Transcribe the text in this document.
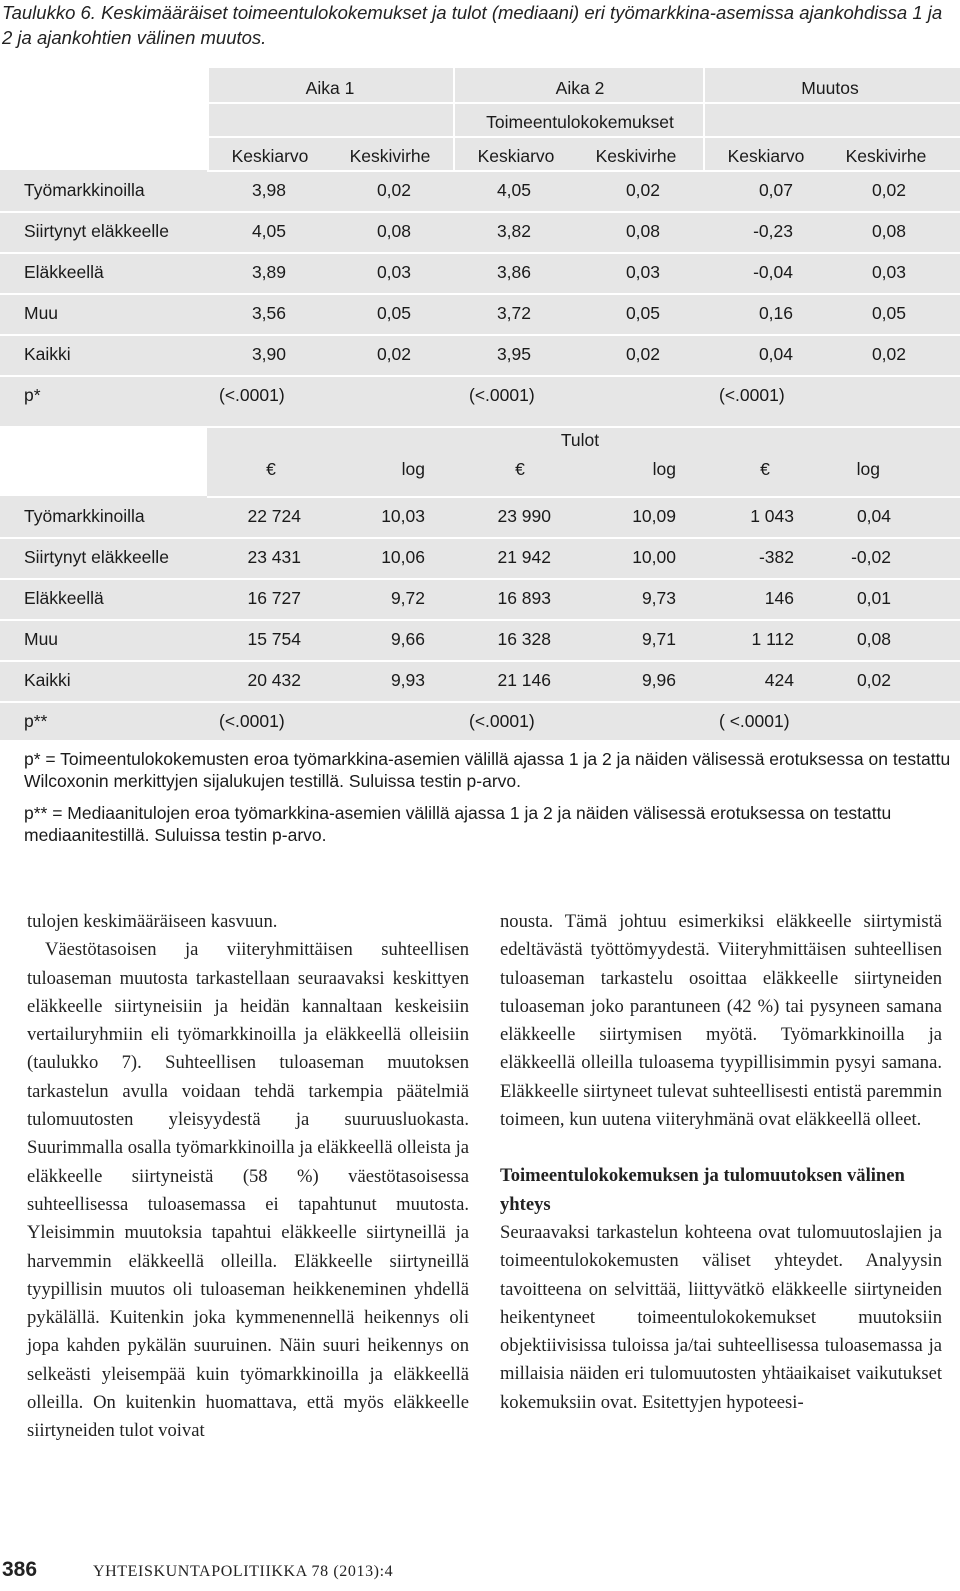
Taulukko 6. Keskimääräiset toimeentulokokemukset ja tulot (mediaani) eri työmarkkina-asemissa ajankohdissa 1 ja 2 ja ajankohtien välinen muutos.
Aika 1	Aika 2	Muutos
Toimeentulokokemukset
Tulot
Keskiarvo Keskivirhe	Keskiarvo Keskivirhe	Keskiarvo Keskivirhe
€	log	€	log	€	log
Työmarkkinoilla	3,98	0,02	4,05	0,02	0,07	0,02
Siirtynyt eläkkeelle	4,05	0,08	3,82	0,08	-0,23	0,08
Eläkkeellä	3,89	0,03	3,86	0,03	-0,04	0,03
Muu	3,56	0,05	3,72	0,05	0,16	0,05
Kaikki	3,90	0,02	3,95	0,02	0,04	0,02
p*	(<.0001)	(<.0001)	(<.0001)
Työmarkkinoilla	22 724	10,03	23 990	10,09	1 043	0,04
Siirtynyt eläkkeelle	23 431	10,06	21 942	10,00	-382	-0,02
Eläkkeellä	16 727	9,72	16 893	9,73	146	0,01
Muu	15 754	9,66	16 328	9,71	1 112	0,08
Kaikki	20 432	9,93	21 146	9,96	424	0,02
p**	(<.0001)	(<.0001)	( <.0001)

p* = Toimeentulokokemusten eroa työmarkkina-asemien välillä ajassa 1 ja 2 ja näiden välisessä erotuksessa on testattu Wilcoxonin merkittyjen sijalukujen testillä. Suluissa testin p-arvo.

p** = Mediaanitulojen eroa työmarkkina-asemien välillä ajassa 1 ja 2 ja näiden välisessä erotuksessa on testattu mediaanitestillä. Suluissa testin p-arvo.

tulojen keskimääräiseen kasvuun.

Väestötasoisen ja viiteryhmittäisen suhteellisen tuloaseman muutosta tarkastellaan seuraavaksi keskittyen eläkkeelle siirtyneisiin ja heidän kannaltaan keskeisiin vertailuryhmiin eli työmarkkinoilla ja eläkkeellä olleisiin (taulukko 7). Suhteellisen tuloaseman muutoksen tarkastelun avulla voidaan tehdä tarkempia päätelmiä tulomuutosten yleisyydestä ja suuruusluokasta. Suurimmalla osalla työmarkkinoilla ja eläkkeellä olleista ja eläkkeelle siirtyneistä (58 %) väestötasoisessa suhteellisessa tuloasemassa ei tapahtunut muutosta. Yleisimmin muutoksia tapahtui eläkkeelle siirtyneillä ja harvemmin eläkkeellä olleilla. Eläkkeelle siirtyneillä tyypillisin muutos oli tuloaseman heikkeneminen yhdellä pykälällä. Kuitenkin joka kymmenennellä heikennys oli jopa kahden pykälän suuruinen. Näin suuri heikennys on selkeästi yleisempää kuin työmarkkinoilla ja eläkkeellä olleilla. On kuitenkin huomattava, että myös eläkkeelle siirtyneiden tulot voivat

nousta. Tämä johtuu esimerkiksi eläkkeelle siirtymistä edeltävästä työttömyydestä. Viiteryhmittäisen suhteellisen tuloaseman tarkastelu osoittaa eläkkeelle siirtyneiden tuloaseman joko parantuneen (42 %) tai pysyneen samana eläkkeelle siirtymisen myötä. Työmarkkinoilla ja eläkkeellä olleilla tuloasema tyypillisimmin pysyi samana. Eläkkeelle siirtyneet tulevat suhteellisesti entistä paremmin toimeen, kun uutena viiteryhmänä ovat eläkkeellä olleet.

Toimeentulokokemuksen ja tulomuutoksen välinen yhteys

Seuraavaksi tarkastelun kohteena ovat tulomuutoslajien ja toimeentulokokemusten väliset yhteydet. Analyysin tavoitteena on selvittää, liittyvätkö eläkkeelle siirtyneiden heikentyneet toimeentulokokemukset muutoksiin objektiivisissa tuloissa ja/tai suhteellisessa tuloasemassa ja millaisia näiden eri tulomuutosten yhtäaikaiset vaikutukset kokemuksiin ovat. Esitettyjen hypoteesi-

386	YHTEISKUNTAPOLITIIKKA 78 (2013):4
